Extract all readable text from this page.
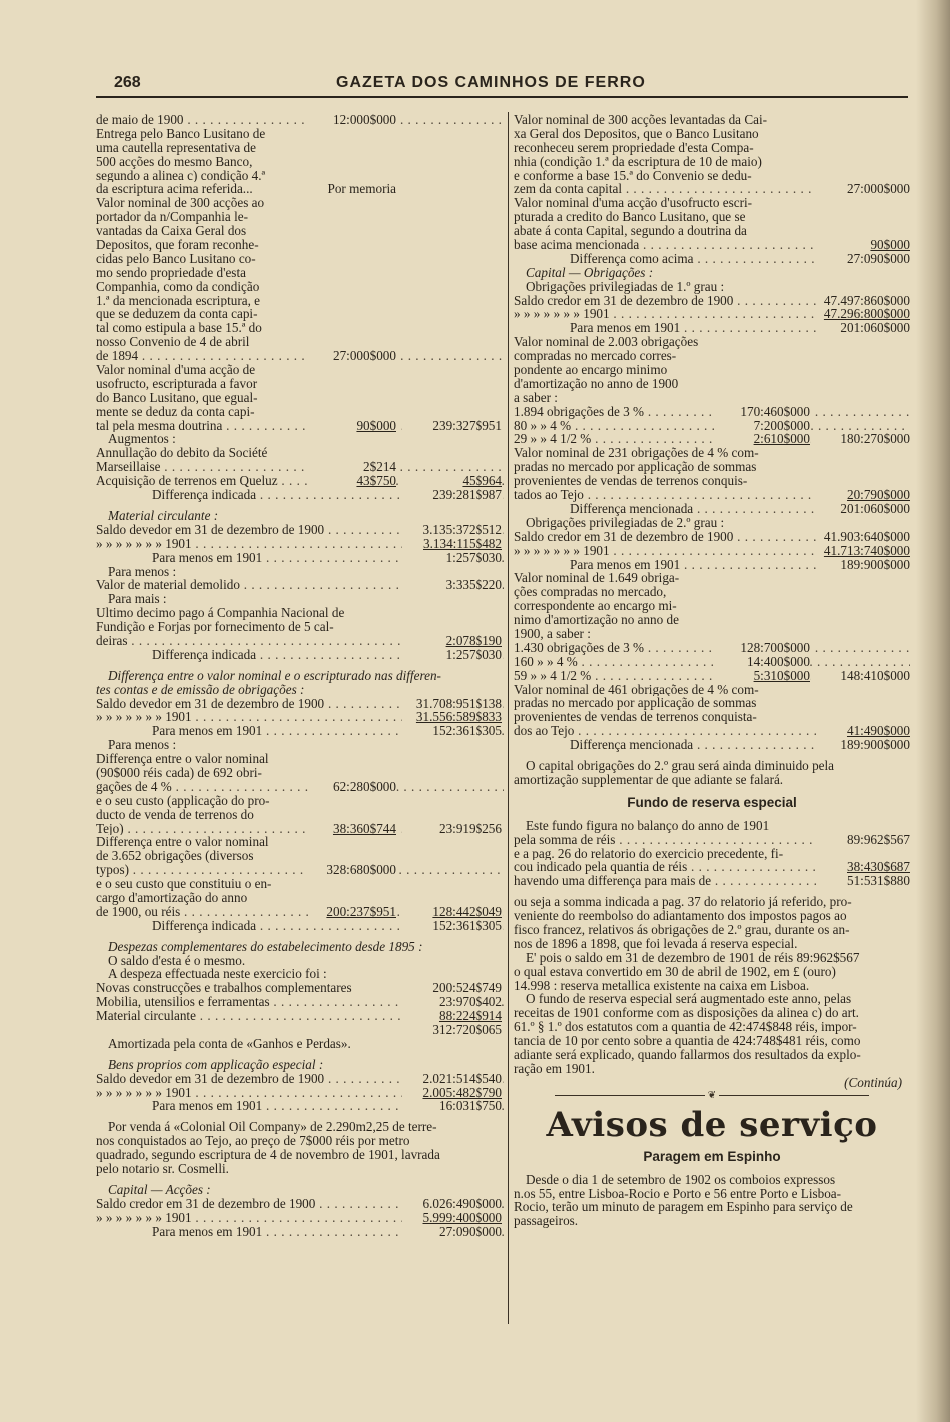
268	GAZETA DOS CAMINHOS DE FERRO
de maio de 1900	12:000$000
. . .
Entrega pelo Banco Lusitano de
uma cautella representativa de
500 acções do mesmo Banco,
segundo a alinea c) condição 4.ª
da escriptura acima referida...	Por memoria
Valor nominal de 300 acções ao
portador da n/Companhia le-
vantadas da Caixa Geral dos
Depositos, que foram reconhe-
cidas pelo Banco Lusitano co-
mo sendo propriedade d'esta
Companhia, como da condição
1.ª da mencionada escriptura, e
que se deduzem da conta capi-
tal como estipula a base 15.ª do
nosso Convenio de 4 de abril
de 1894	27:000$000
. . .
Valor nominal d'uma acção de
usofructo, escripturada a favor
do Banco Lusitano, que egual-
mente se deduz da conta capi-
tal pela mesma doutrina	90$000	239:327$951
. . .
Augmentos :
Annullação do debito da Société
Marseillaise	2$214
. . .
Acquisição de terrenos em Queluz	43$750	45$964
. . .
Differença indicada	239:281$987
. . .
Material circulante :
Saldo devedor em 31 de dezembro de 1900	3.135:372$512
. . .
» » » » » » » 1901	3.134:115$482
. . .
Para menos em 1901	1:257$030
. . .
Para menos :
Valor de material demolido	3:335$220
. . .
Para mais :
Ultimo decimo pago á Companhia Nacional de
Fundição e Forjas por fornecimento de 5 cal-
deiras	2:078$190
. . .
Differença indicada	1:257$030
. . .
Differença entre o valor nominal e o escripturado nas differen-
tes contas e de emissão de obrigações :
Saldo devedor em 31 de dezembro de 1900	31.708:951$138
. . .
» » » » » » » 1901	31.556:589$833
. . .
Para menos em 1901	152:361$305
. . .
Para menos :
Differença entre o valor nominal
(90$000 réis cada) de 692 obri-
gações de 4 %	62:280$000
. . .
e o seu custo (applicação do pro-
ducto de venda de terrenos do
Tejo)	38:360$744	23:919$256
. . .
Differença entre o valor nominal
de 3.652 obrigações (diversos
typos)	328:680$000
. . .
e o seu custo que constituiu o en-
cargo d'amortização do anno
de 1900, ou réis	200:237$951	128:442$049
. . .
Differença indicada	152:361$305
. . .
Despezas complementares do estabelecimento desde 1895 :
O saldo d'esta é o mesmo.
A despeza effectuada neste exercicio foi :
Novas construcções e trabalhos complementares	200:524$749
Mobilia, utensilios e ferramentas	23:970$402
. . .
Material circulante	88:224$914
. . .
312:720$065
Amortizada pela conta de «Ganhos e Perdas».
Bens proprios com applicação especial :
Saldo devedor em 31 de dezembro de 1900	2.021:514$540
. . .
» » » » » » » 1901	2.005:482$790
. . .
Para menos em 1901	16:031$750
. . .
Por venda á «Colonial Oil Company» de 2.290m2,25 de terre-
nos conquistados ao Tejo, ao preço de 7$000 réis por metro
quadrado, segundo escriptura de 4 de novembro de 1901, lavrada
pelo notario sr. Cosmelli.
Capital — Acções :
Saldo credor em 31 de dezembro de 1900	6.026:490$000
. . .
» » » » » » » 1901	5.999:400$000
. . .
Para menos em 1901	27:090$000
. . .
Valor nominal de 300 acções levantadas da Cai-
xa Geral dos Depositos, que o Banco Lusitano
reconheceu serem propriedade d'esta Compa-
nhia (condição 1.ª da escriptura de 10 de maio)
e conforme a base 15.ª do Convenio se dedu-
zem da conta capital	27:000$000
. . .
Valor nominal d'uma acção d'usofructo escri-
pturada a credito do Banco Lusitano, que se
abate á conta Capital, segundo a doutrina da
base acima mencionada	90$000
. . .
Differença como acima	27:090$000
. . .
Capital — Obrigações :
Obrigações privilegiadas de 1.º grau :
Saldo credor em 31 de dezembro de 1900	47.497:860$000
. . .
» » » » » » » 1901	47.296:800$000
. . .
Para menos em 1901	201:060$000
. . .
Valor nominal de 2.003 obrigações
compradas no mercado corres-
pondente ao encargo minimo
d'amortização no anno de 1900
a saber :
1.894 obrigações de 3 %	170:460$000
. . .
80 » » 4 %	7:200$000
. . .
29 » » 4 1/2 %	2:610$000	180:270$000
. . .
Valor nominal de 231 obrigações de 4 % com-
pradas no mercado por applicação de sommas
provenientes de vendas de terrenos conquis-
tados ao Tejo	20:790$000
. . .
Differença mencionada	201:060$000
. . .
Obrigações privilegiadas de 2.º grau :
Saldo credor em 31 de dezembro de 1900	41.903:640$000
. . .
» » » » » » » 1901	41.713:740$000
. . .
Para menos em 1901	189:900$000
. . .
Valor nominal de 1.649 obriga-
ções compradas no mercado,
correspondente ao encargo mi-
nimo d'amortização no anno de
1900, a saber :
1.430 obrigações de 3 %	128:700$000
. . .
160 » » 4 %	14:400$000
. . .
59 » » 4 1/2 %	5:310$000	148:410$000
. . .
Valor nominal de 461 obrigações de 4 % com-
pradas no mercado por applicação de sommas
provenientes de vendas de terrenos conquista-
dos ao Tejo	41:490$000
. . .
Differença mencionada	189:900$000
. . .
O capital obrigações do 2.º grau será ainda diminuido pela
amortização supplementar de que adiante se falará.
Fundo de reserva especial
Este fundo figura no balanço do anno de 1901
pela somma de réis	89:962$567
. . .
e a pag. 26 do relatorio do exercicio precedente, fi-
cou indicado pela quantia de réis	38:430$687
. . .
havendo uma differença para mais de	51:531$880
. . .
ou seja a somma indicada a pag. 37 do relatorio já referido, pro-
veniente do reembolso do adiantamento dos impostos pagos ao
fisco francez, relativos ás obrigações de 2.º grau, durante os an-
nos de 1896 a 1898, que foi levada á reserva especial.
E' pois o saldo em 31 de dezembro de 1901 de réis 89:962$567
o qual estava convertido em 30 de abril de 1902, em £ (ouro)
14.998 : reserva metallica existente na caixa em Lisboa.
O fundo de reserva especial será augmentado este anno, pelas
receitas de 1901 conforme com as disposições da alinea c) do art.
61.º § 1.º dos estatutos com a quantia de 42:474$848 réis, impor-
tancia de 10 por cento sobre a quantia de 424:748$481 réis, como
adiante será explicado, quando fallarmos dos resultados da explo-
ração em 1901.
(Continúa)
❦
Avisos de serviço
Paragem em Espinho
Desde o dia 1 de setembro de 1902 os comboios expressos
n.os 55, entre Lisboa-Rocio e Porto e 56 entre Porto e Lisboa-
Rocio, terão um minuto de paragem em Espinho para serviço de
passageiros.
